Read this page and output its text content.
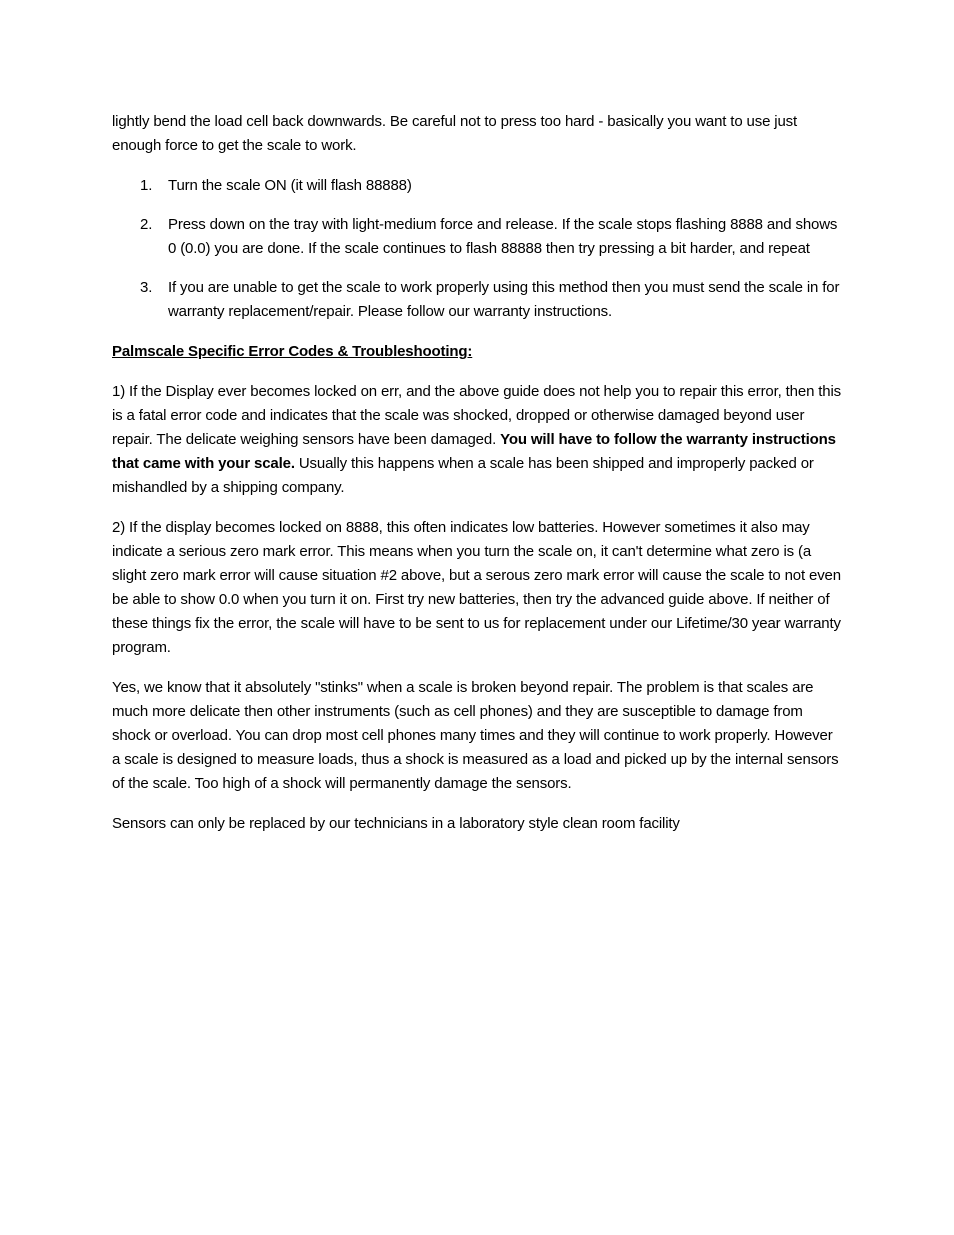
lightly bend the load cell back downwards. Be careful not to press too hard - basically you want to use just enough force to get the scale to work.

1. Turn the scale ON (it will flash 88888)
2. Press down on the tray with light-medium force and release. If the scale stops flashing 8888 and shows 0 (0.0) you are done. If the scale continues to flash 88888 then try pressing a bit harder, and repeat
3. If you are unable to get the scale to work properly using this method then you must send the scale in for warranty replacement/repair. Please follow our warranty instructions.

Palmscale Specific Error Codes & Troubleshooting:

1) If the Display ever becomes locked on err, and the above guide does not help you to repair this error, then this is a fatal error code and indicates that the scale was shocked, dropped or otherwise damaged beyond user repair. The delicate weighing sensors have been damaged. You will have to follow the warranty instructions that came with your scale. Usually this happens when a scale has been shipped and improperly packed or mishandled by a shipping company.

2) If the display becomes locked on 8888, this often indicates low batteries. However sometimes it also may indicate a serious zero mark error. This means when you turn the scale on, it can't determine what zero is (a slight zero mark error will cause situation #2 above, but a serous zero mark error will cause the scale to not even be able to show 0.0 when you turn it on. First try new batteries, then try the advanced guide above. If neither of these things fix the error, the scale will have to be sent to us for replacement under our Lifetime/30 year warranty program.

Yes, we know that it absolutely "stinks" when a scale is broken beyond repair. The problem is that scales are much more delicate then other instruments (such as cell phones) and they are susceptible to damage from shock or overload. You can drop most cell phones many times and they will continue to work properly. However a scale is designed to measure loads, thus a shock is measured as a load and picked up by the internal sensors of the scale. Too high of a shock will permanently damage the sensors.

Sensors can only be replaced by our technicians in a laboratory style clean room facility
